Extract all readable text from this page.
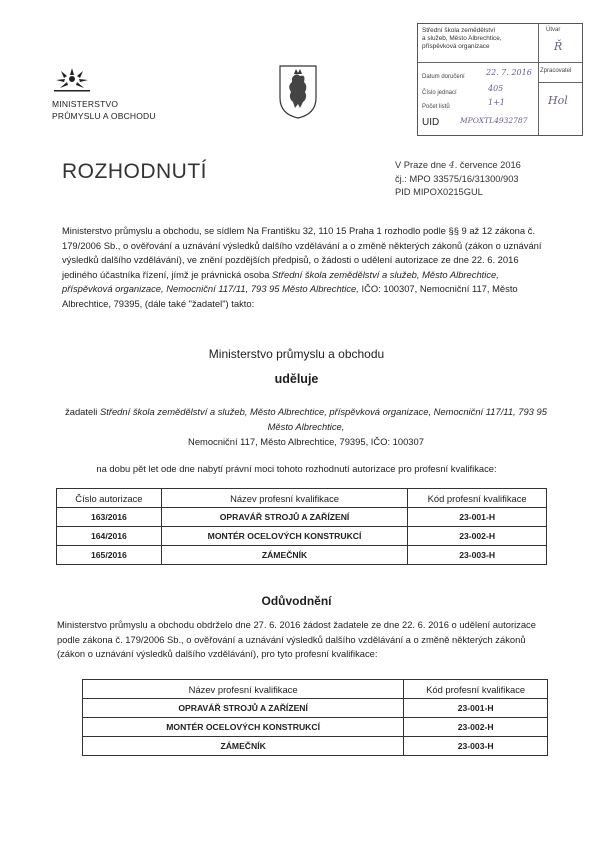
MINISTERSTVO
PRŮMYSLU A OBCHODU
Střední škola zemědělství
a služeb, Město Albrechtice,
příspěvková organizace
Útvar
Ř
Zpracovatel
Hol
Datum doručení	22. 7. 2016
Číslo jednací	405
Počet listů	1+1
UID	MPOXTL4932787
ROZHODNUTÍ	V Praze dne 4. července 2016
čj.: MPO 33575/16/31300/903
PID MIPOX0215GUL
Ministerstvo průmyslu a obchodu, se sídlem Na Františku 32, 110 15 Praha 1 rozhodlo podle §§ 9 až 12 zákona č. 179/2006 Sb., o ověřování a uznávání výsledků dalšího vzdělávání a o změně některých zákonů (zákon o uznávání výsledků dalšího vzdělávání), ve znění pozdějších předpisů, o žádosti o udělení autorizace ze dne 22. 6. 2016 jediného účastníka řízení, jímž je právnická osoba Střední škola zemědělství a služeb, Město Albrechtice, příspěvková organizace, Nemocniční 117/11, 793 95 Město Albrechtice, IČO: 100307, Nemocniční 117, Město Albrechtice, 79395, (dále také "žadatel") takto:
Ministerstvo průmyslu a obchodu
uděluje
žadateli Střední škola zemědělství a služeb, Město Albrechtice, příspěvková organizace, Nemocniční 117/11, 793 95 Město Albrechtice,
Nemocniční 117, Město Albrechtice, 79395, IČO: 100307
na dobu pět let ode dne nabytí právní moci tohoto rozhodnutí autorizace pro profesní kvalifikace:
Číslo autorizace	Název profesní kvalifikace	Kód profesní kvalifikace
163/2016	OPRAVÁŘ STROJŮ A ZAŘÍZENÍ	23-001-H
164/2016	MONTÉR OCELOVÝCH KONSTRUKCÍ	23-002-H
165/2016	ZÁMEČNÍK	23-003-H
Odůvodnění
Ministerstvo průmyslu a obchodu obdrželo dne 27. 6. 2016 žádost žadatele ze dne 22. 6. 2016 o udělení autorizace podle zákona č. 179/2006 Sb., o ověřování a uznávání výsledků dalšího vzdělávání a o změně některých zákonů (zákon o uznávání výsledků dalšího vzdělávání), pro tyto profesní kvalifikace:
Název profesní kvalifikace	Kód profesní kvalifikace
OPRAVÁŘ STROJŮ A ZAŘÍZENÍ	23-001-H
MONTÉR OCELOVÝCH KONSTRUKCÍ	23-002-H
ZÁMEČNÍK	23-003-H
